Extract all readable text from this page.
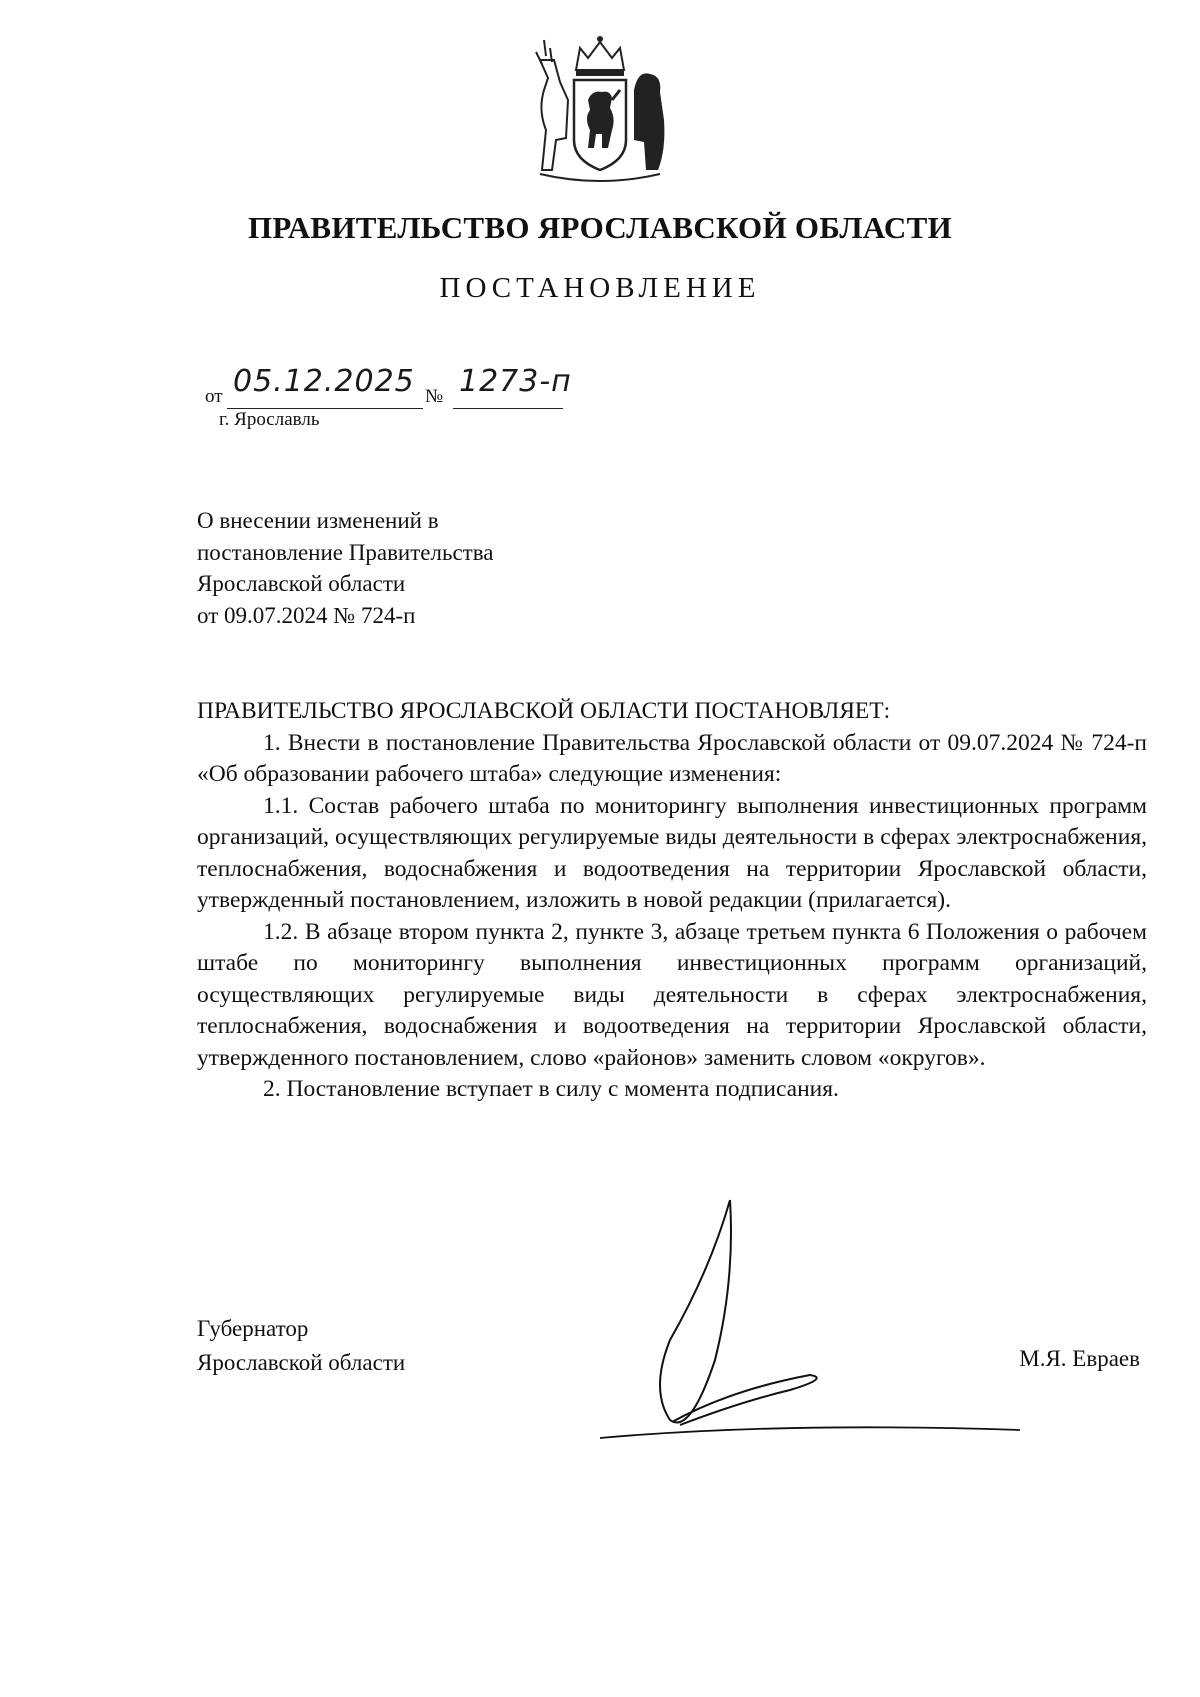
ПРАВИТЕЛЬСТВО ЯРОСЛАВСКОЙ ОБЛАСТИ
ПОСТАНОВЛЕНИЕ
от 05.12.2025 № 1273-п
г. Ярославль
О внесении изменений в
постановление Правительства
Ярославской области
от 09.07.2024 № 724-п

ПРАВИТЕЛЬСТВО ЯРОСЛАВСКОЙ ОБЛАСТИ ПОСТАНОВЛЯЕТ:

1. Внести в постановление Правительства Ярославской области от 09.07.2024 № 724-п «Об образовании рабочего штаба» следующие изменения:

1.1. Состав рабочего штаба по мониторингу выполнения инвестиционных программ организаций, осуществляющих регулируемые виды деятельности в сферах электроснабжения, теплоснабжения, водоснабжения и водоотведения на территории Ярославской области, утвержденный постановлением, изложить в новой редакции (прилагается).

1.2. В абзаце втором пункта 2, пункте 3, абзаце третьем пункта 6 Положения о рабочем штабе по мониторингу выполнения инвестиционных программ организаций, осуществляющих регулируемые виды деятельности в сферах электроснабжения, теплоснабжения, водоснабжения и водоотведения на территории Ярославской области, утвержденного постановлением, слово «районов» заменить словом «округов».

2. Постановление вступает в силу с момента подписания.

Губернатор
Ярославской области	М.Я. Евраев
